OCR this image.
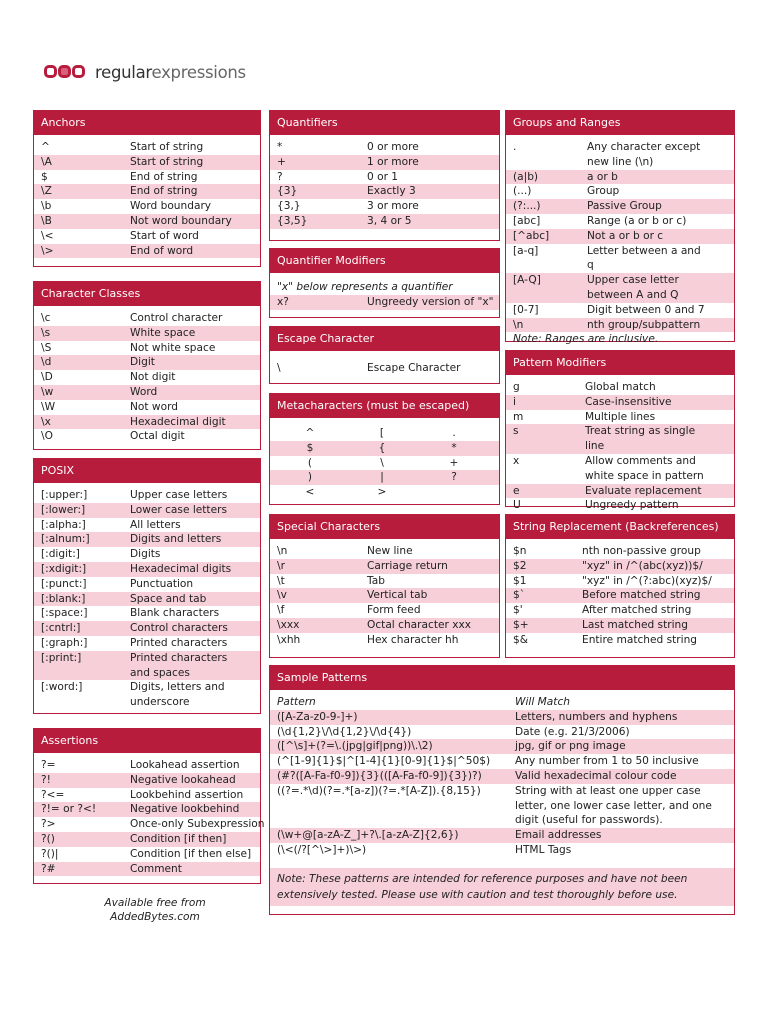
regularexpressions
Anchors
^	Start of string
\A	Start of string
$	End of string
\Z	End of string
\b	Word boundary
\B	Not word boundary
\<	Start of word
\>	End of word
Character Classes
\c	Control character
\s	White space
\S	Not white space
\d	Digit
\D	Not digit
\w	Word
\W	Not word
\x	Hexadecimal digit
\O	Octal digit
POSIX
[:upper:]	Upper case letters
[:lower:]	Lower case letters
[:alpha:]	All letters
[:alnum:]	Digits and letters
[:digit:]	Digits
[:xdigit:]	Hexadecimal digits
[:punct:]	Punctuation
[:blank:]	Space and tab
[:space:]	Blank characters
[:cntrl:]	Control characters
[:graph:]	Printed characters
[:print:]	Printed characters and spaces
[:word:]	Digits, letters and underscore
Assertions
?=	Lookahead assertion
?!	Negative lookahead
?<=	Lookbehind assertion
?!= or ?<!	Negative lookbehind
?>	Once-only Subexpression
?()	Condition [if then]
?()|	Condition [if then else]
?#	Comment
Available free from
AddedBytes.com
Quantifiers
*	0 or more
+	1 or more
?	0 or 1
{3}	Exactly 3
{3,}	3 or more
{3,5}	3, 4 or 5
Quantifier Modifiers
"x" below represents a quantifier
x?	Ungreedy version of "x"
Escape Character
\	Escape Character
Metacharacters (must be escaped)
^	[	.
$	{	*
(	\	+
)	|	?
<	>
Special Characters
\n	New line
\r	Carriage return
\t	Tab
\v	Vertical tab
\f	Form feed
\xxx	Octal character xxx
\xhh	Hex character hh
Groups and Ranges
.	Any character except new line (\n)
(a|b)	a or b
(...)	Group
(?:...)	Passive Group
[abc]	Range (a or b or c)
[^abc]	Not a or b or c
[a-q]	Letter between a and q
[A-Q]	Upper case letter between A and Q
[0-7]	Digit between 0 and 7
\n	nth group/subpattern
Note: Ranges are inclusive.
Pattern Modifiers
g	Global match
i	Case-insensitive
m	Multiple lines
s	Treat string as single line
x	Allow comments and white space in pattern
e	Evaluate replacement
U	Ungreedy pattern
String Replacement (Backreferences)
$n	nth non-passive group
$2	"xyz" in /^(abc(xyz))$/
$1	"xyz" in /^(?:abc)(xyz)$/
$`	Before matched string
$'	After matched string
$+	Last matched string
$&	Entire matched string
Sample Patterns
Pattern	Will Match
([A-Za-z0-9-]+)	Letters, numbers and hyphens
(\d{1,2}\/\d{1,2}\/\d{4})	Date (e.g. 21/3/2006)
([^\s]+(?=\.(jpg|gif|png))\.\2)	jpg, gif or png image
(^[1-9]{1}$|^[1-4]{1}[0-9]{1}$|^50$) Any number from 1 to 50 inclusive
(#?([A-Fa-f0-9]){3}(([A-Fa-f0-9]){3})?)	Valid hexadecimal colour code
((?=.*\d)(?=.*[a-z])(?=.*[A-Z]).{8,15})	String with at least one upper case letter, one lower case letter, and one digit (useful for passwords).
(\w+@[a-zA-Z_]+?\.[a-zA-Z]{2,6})	Email addresses
(\<(/?[^\>]+)\>)	HTML Tags
Note: These patterns are intended for reference purposes and have not been extensively tested. Please use with caution and test thoroughly before use.
